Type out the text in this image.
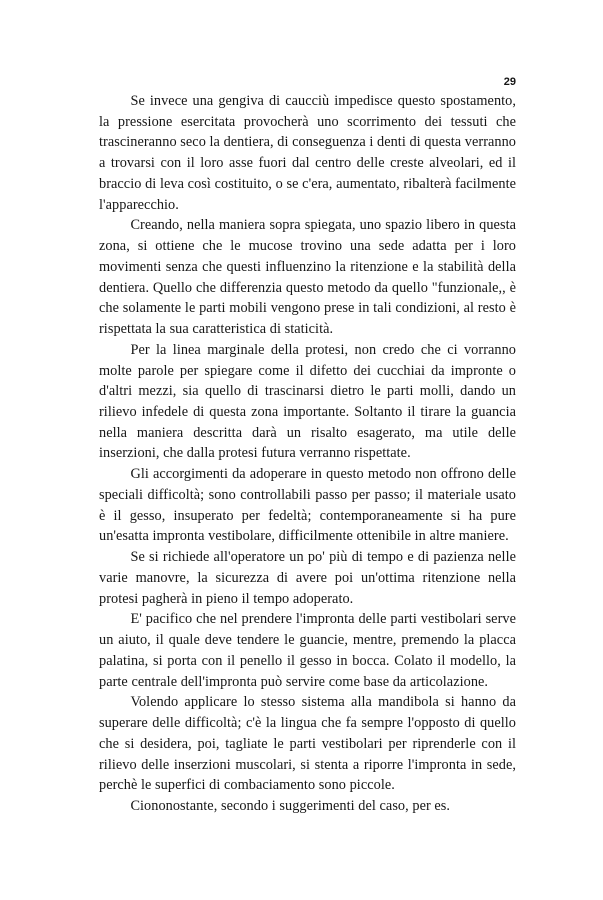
29

Se invece una gengiva di caucciù impedisce questo spostamento, la pressione esercitata provocherà uno scorrimento dei tessuti che trascineranno seco la dentiera, di conseguenza i denti di questa verranno a trovarsi con il loro asse fuori dal centro delle creste alveolari, ed il braccio di leva così costituito, o se c'era, aumentato, ribalterà facilmente l'apparecchio.

Creando, nella maniera sopra spiegata, uno spazio libero in questa zona, si ottiene che le mucose trovino una sede adatta per i loro movimenti senza che questi influenzino la ritenzione e la stabilità della dentiera. Quello che differenzia questo metodo da quello "funzionale,, è che solamente le parti mobili vengono prese in tali condizioni, al resto è rispettata la sua caratteristica di staticità.

Per la linea marginale della protesi, non credo che ci vorranno molte parole per spiegare come il difetto dei cucchiai da impronte o d'altri mezzi, sia quello di trascinarsi dietro le parti molli, dando un rilievo infedele di questa zona importante. Soltanto il tirare la guancia nella maniera descritta darà un risalto esagerato, ma utile delle inserzioni, che dalla protesi futura verranno rispettate.

Gli accorgimenti da adoperare in questo metodo non offrono delle speciali difficoltà; sono controllabili passo per passo; il materiale usato è il gesso, insuperato per fedeltà; contemporaneamente si ha pure un'esatta impronta vestibolare, difficilmente ottenibile in altre maniere.

Se si richiede all'operatore un po' più di tempo e di pazienza nelle varie manovre, la sicurezza di avere poi un'ottima ritenzione nella protesi pagherà in pieno il tempo adoperato.

E' pacifico che nel prendere l'impronta delle parti vestibolari serve un aiuto, il quale deve tendere le guancie, mentre, premendo la placca palatina, si porta con il penello il gesso in bocca. Colato il modello, la parte centrale dell'impronta può servire come base da articolazione.

Volendo applicare lo stesso sistema alla mandibola si hanno da superare delle difficoltà; c'è la lingua che fa sempre l'opposto di quello che si desidera, poi, tagliate le parti vestibolari per riprenderle con il rilievo delle inserzioni muscolari, si stenta a riporre l'impronta in sede, perchè le superfici di combaciamento sono piccole.

Ciononostante, secondo i suggerimenti del caso, per es.
